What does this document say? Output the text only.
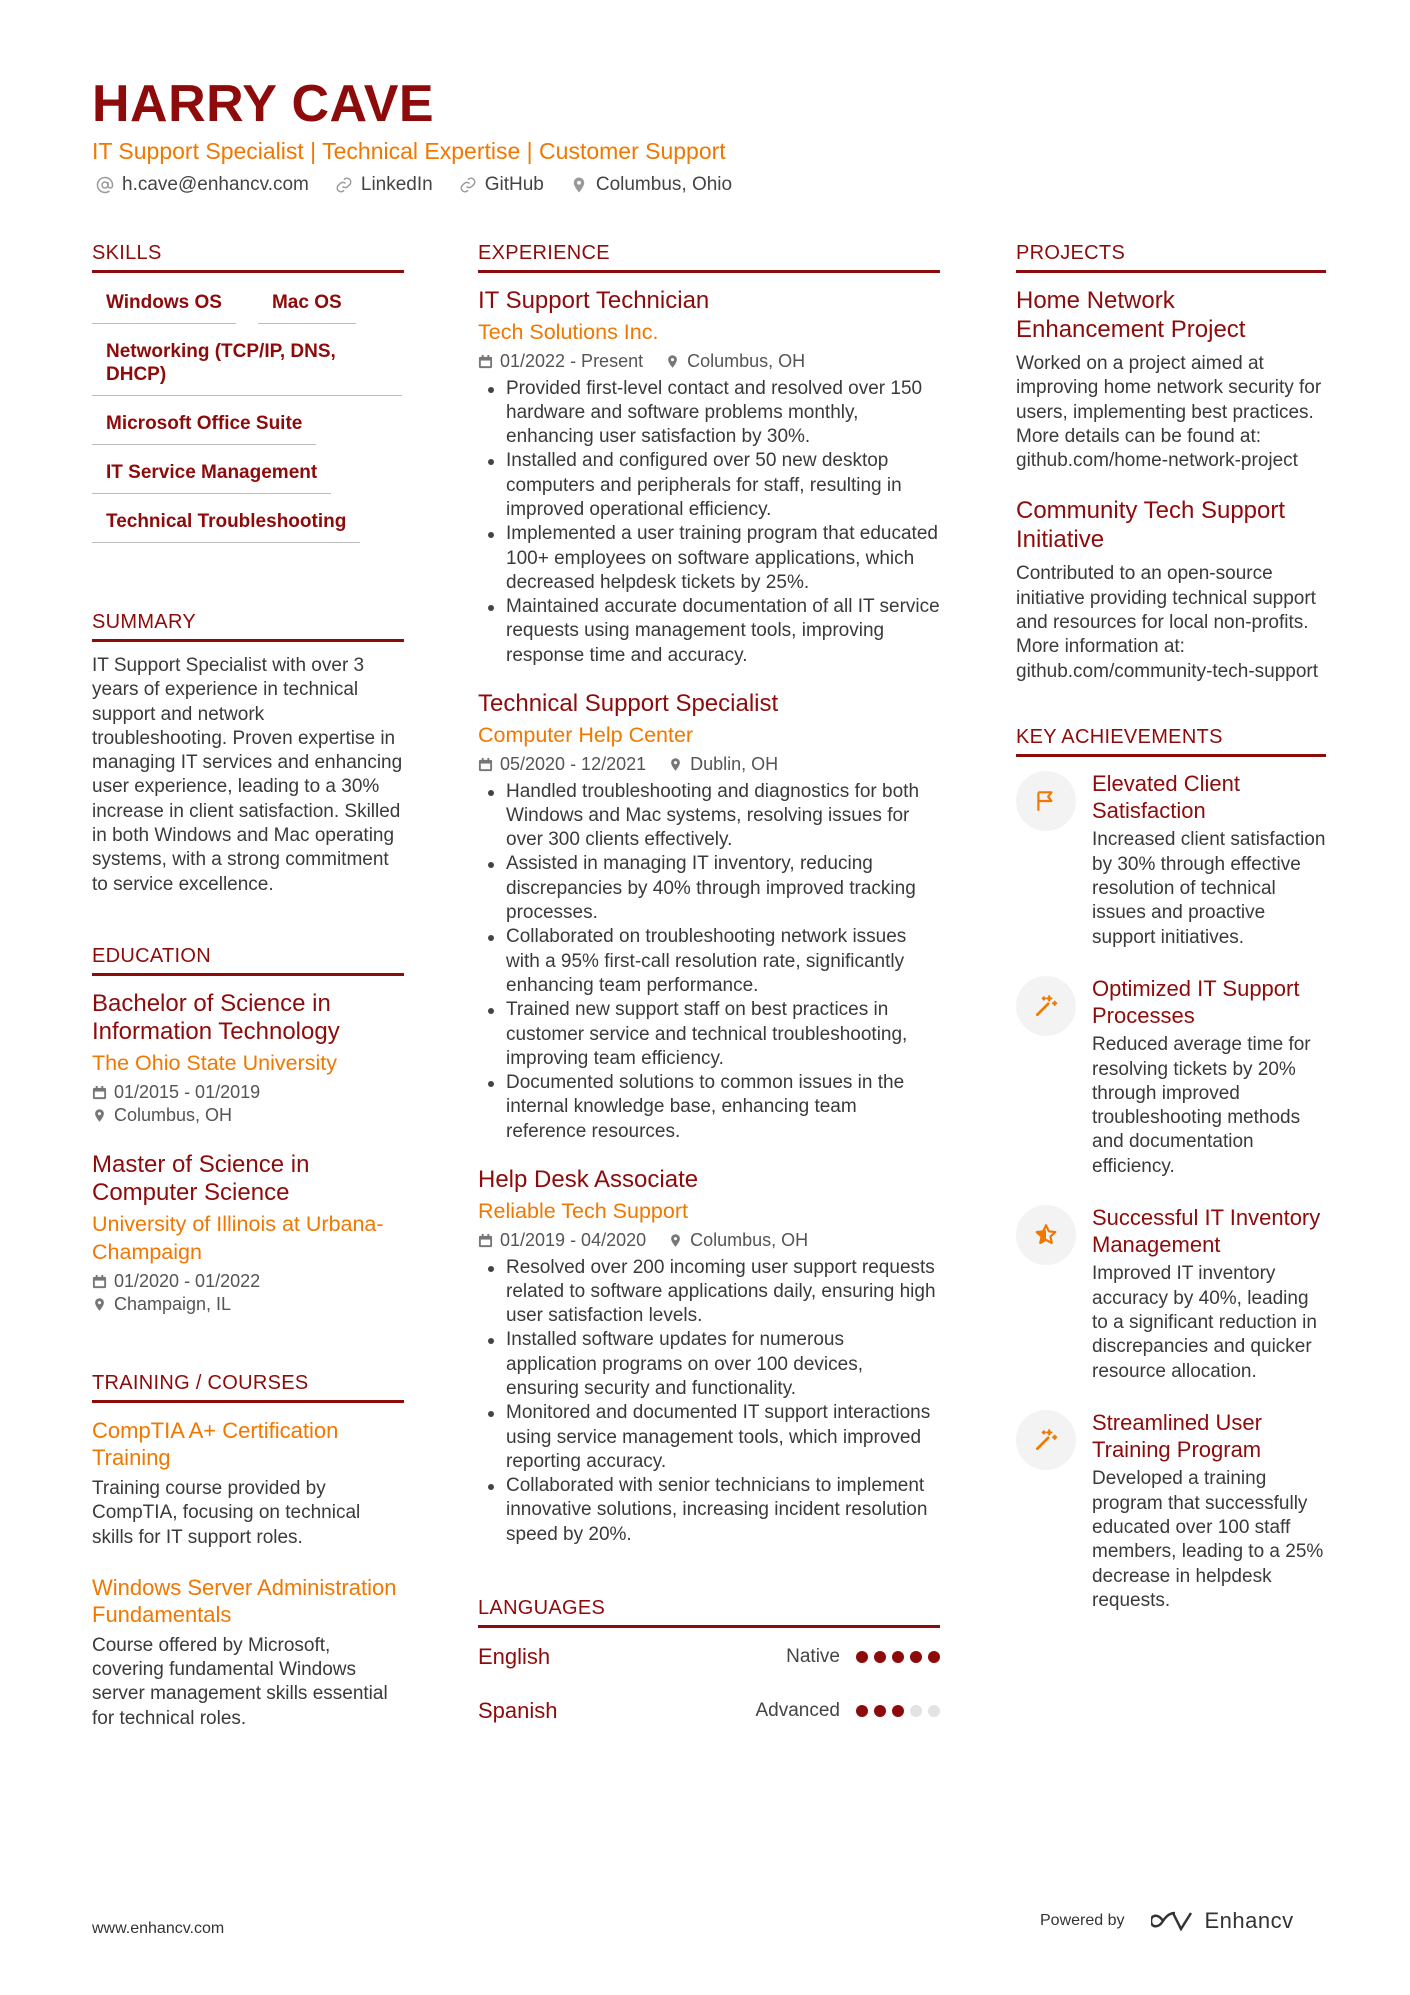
HARRY CAVE
IT Support Specialist | Technical Expertise | Customer Support
h.cave@enhancv.com	LinkedIn	GitHub	Columbus, Ohio
SKILLS
Windows OS	Mac OS
Networking (TCP/IP, DNS, DHCP)
Microsoft Office Suite
IT Service Management
Technical Troubleshooting
SUMMARY
IT Support Specialist with over 3 years of experience in technical support and network troubleshooting. Proven expertise in managing IT services and enhancing user experience, leading to a 30% increase in client satisfaction. Skilled in both Windows and Mac operating systems, with a strong commitment to service excellence.
EDUCATION
Bachelor of Science in Information Technology
The Ohio State University
01/2015 - 01/2019
Columbus, OH
Master of Science in Computer Science
University of Illinois at Urbana-Champaign
01/2020 - 01/2022
Champaign, IL
TRAINING / COURSES
CompTIA A+ Certification Training
Training course provided by CompTIA, focusing on technical skills for IT support roles.
Windows Server Administration Fundamentals
Course offered by Microsoft, covering fundamental Windows server management skills essential for technical roles.
EXPERIENCE
IT Support Technician
Tech Solutions Inc.
01/2022 - Present Columbus, OH
Provided first-level contact and resolved over 150 hardware and software problems monthly, enhancing user satisfaction by 30%.
Installed and configured over 50 new desktop computers and peripherals for staff, resulting in improved operational efficiency.
Implemented a user training program that educated 100+ employees on software applications, which decreased helpdesk tickets by 25%.
Maintained accurate documentation of all IT service requests using management tools, improving response time and accuracy.
Technical Support Specialist
Computer Help Center
05/2020 - 12/2021 Dublin, OH
Handled troubleshooting and diagnostics for both Windows and Mac systems, resolving issues for over 300 clients effectively.
Assisted in managing IT inventory, reducing discrepancies by 40% through improved tracking processes.
Collaborated on troubleshooting network issues with a 95% first-call resolution rate, significantly enhancing team performance.
Trained new support staff on best practices in customer service and technical troubleshooting, improving team efficiency.
Documented solutions to common issues in the internal knowledge base, enhancing team reference resources.
Help Desk Associate
Reliable Tech Support
01/2019 - 04/2020 Columbus, OH
Resolved over 200 incoming user support requests related to software applications daily, ensuring high user satisfaction levels.
Installed software updates for numerous application programs on over 100 devices, ensuring security and functionality.
Monitored and documented IT support interactions using service management tools, which improved reporting accuracy.
Collaborated with senior technicians to implement innovative solutions, increasing incident resolution speed by 20%.
LANGUAGES
English	Native
Spanish	Advanced
PROJECTS
Home Network Enhancement Project
Worked on a project aimed at improving home network security for users, implementing best practices. More details can be found at: github.com/home-network-project
Community Tech Support Initiative
Contributed to an open-source initiative providing technical support and resources for local non-profits. More information at: github.com/community-tech-support
KEY ACHIEVEMENTS
Elevated Client Satisfaction
Increased client satisfaction by 30% through effective resolution of technical issues and proactive support initiatives.
Optimized IT Support Processes
Reduced average time for resolving tickets by 20% through improved troubleshooting methods and documentation efficiency.
Successful IT Inventory Management
Improved IT inventory accuracy by 40%, leading to a significant reduction in discrepancies and quicker resource allocation.
Streamlined User Training Program
Developed a training program that successfully educated over 100 staff members, leading to a 25% decrease in helpdesk requests.
www.enhancv.com	Powered by	Enhancv
